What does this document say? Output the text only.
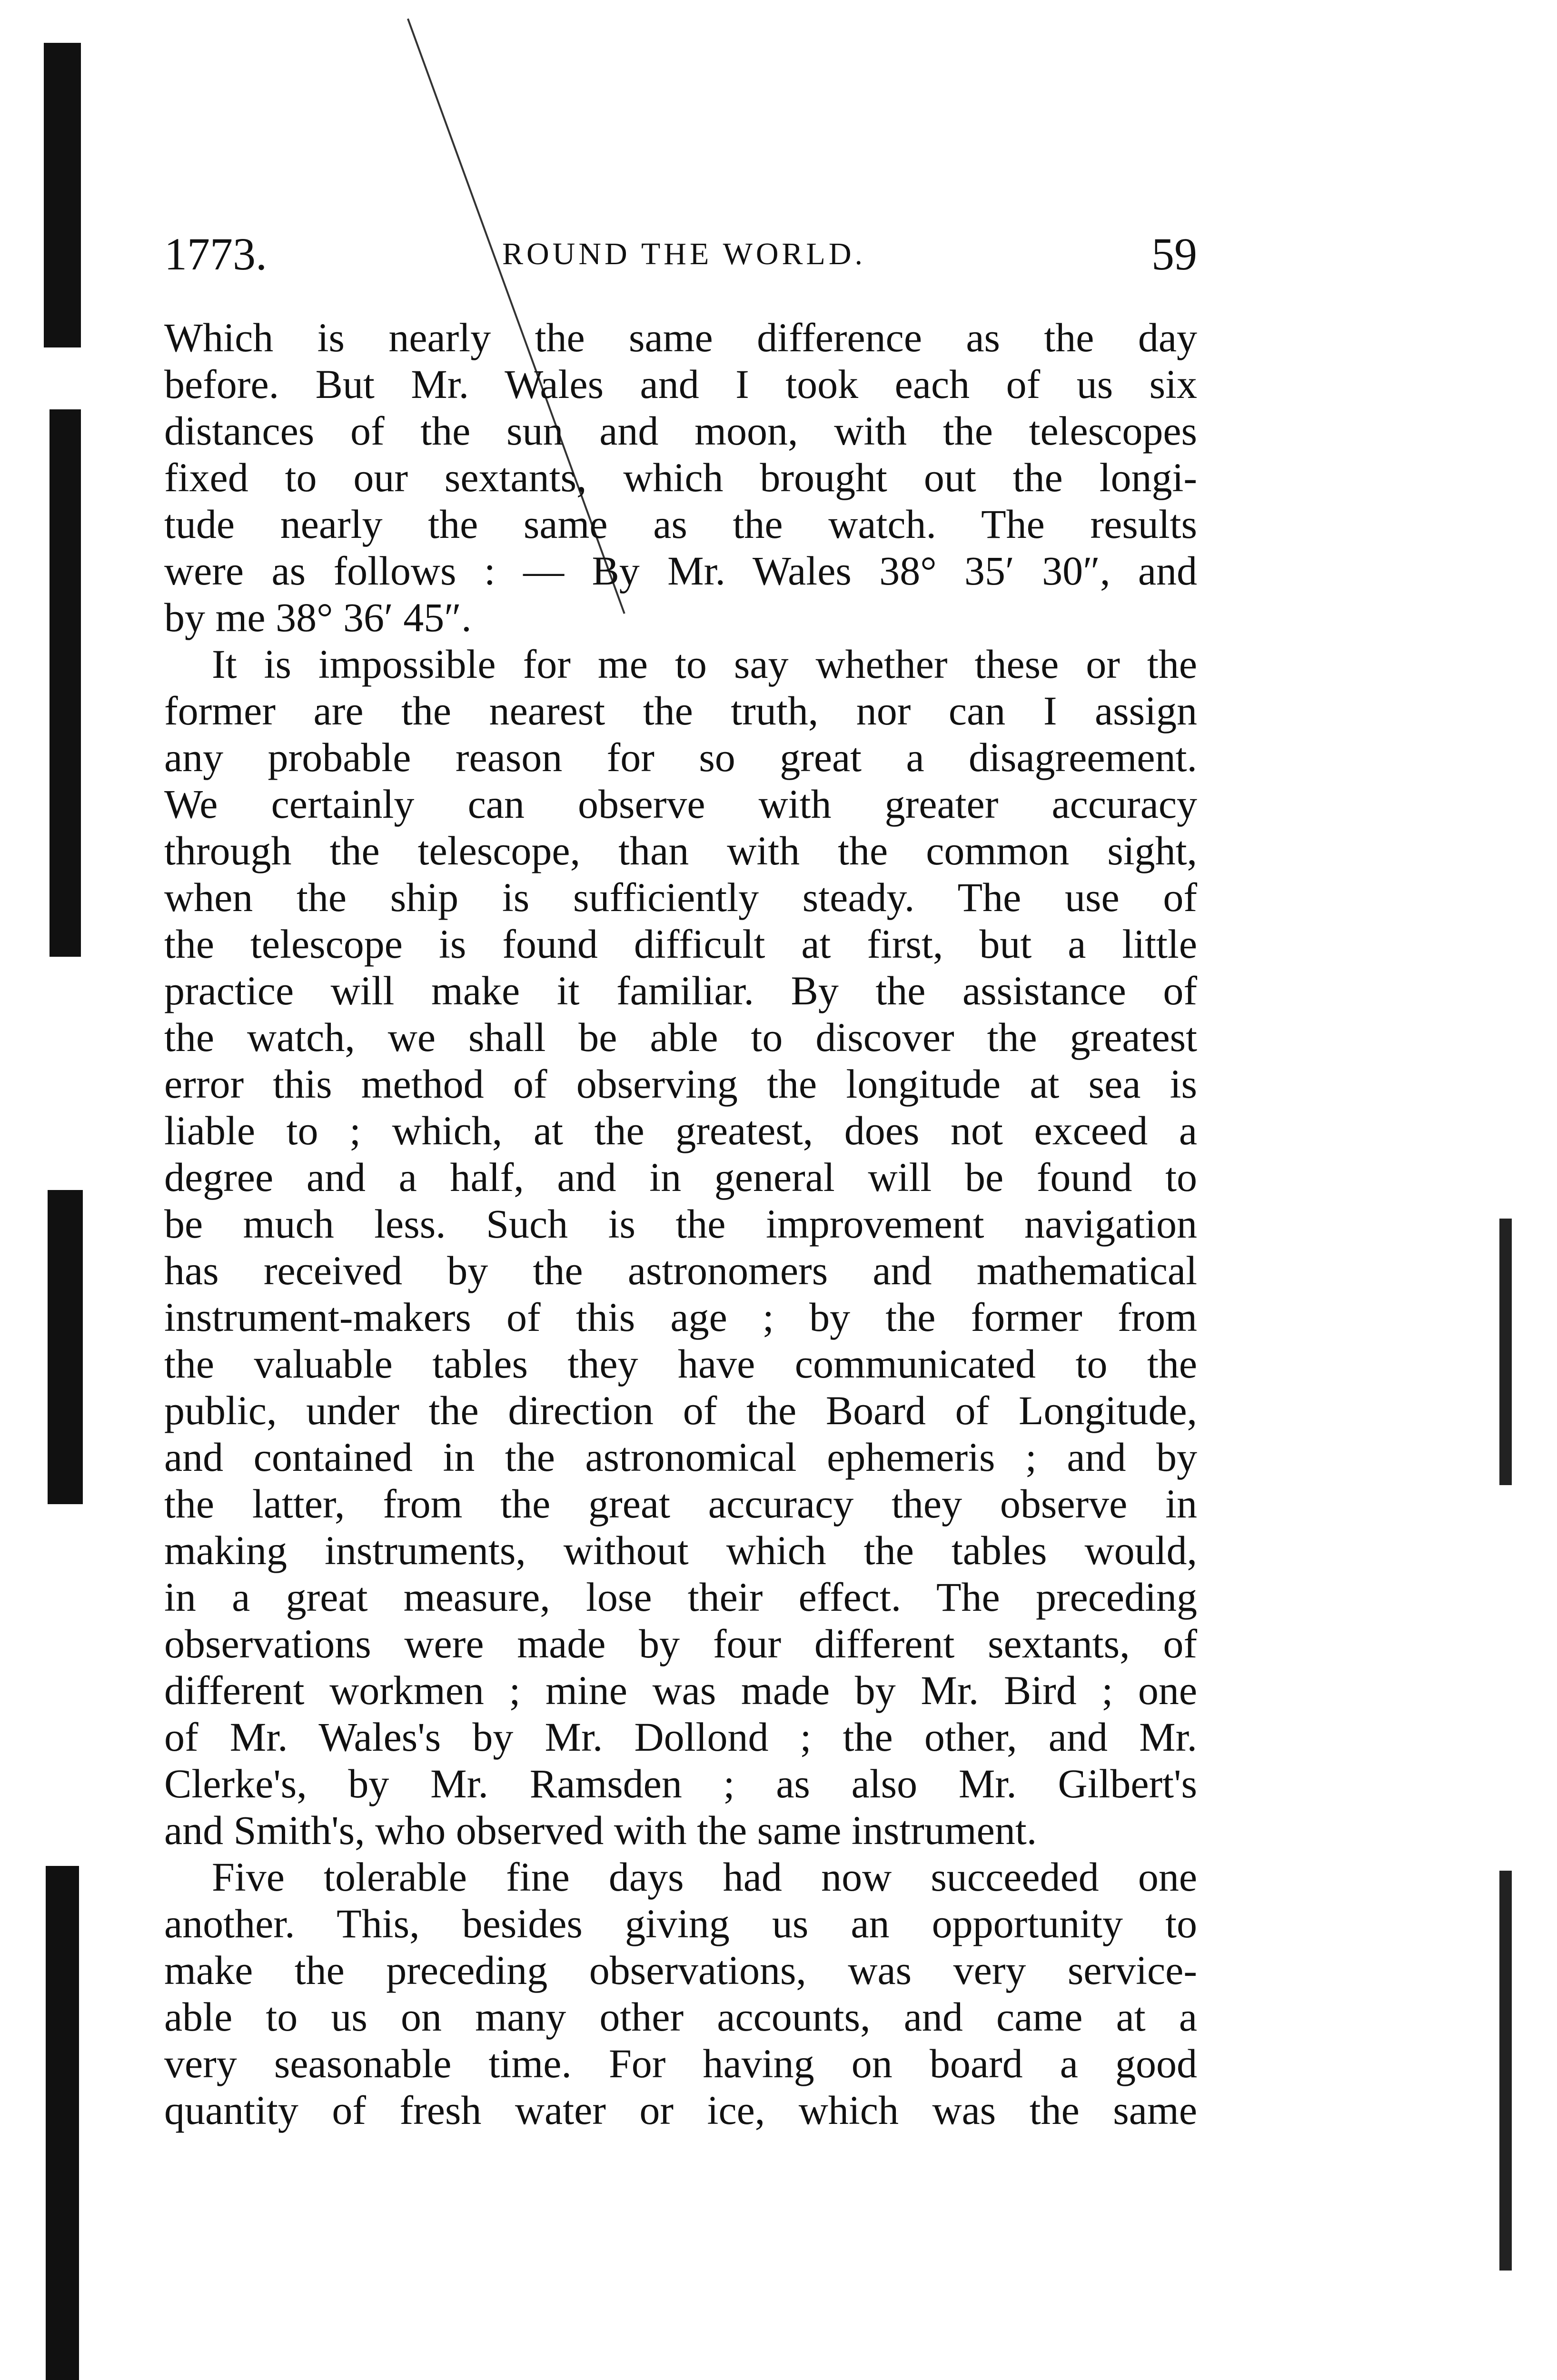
1773.	ROUND THE WORLD.	59
Which is nearly the same difference as the day
before. But Mr. Wales and I took each of us six
distances of the sun and moon, with the telescopes
fixed to our sextants, which brought out the longi-
tude nearly the same as the watch. The results
were as follows : — By Mr. Wales 38° 35′ 30″, and
by me 38° 36′ 45″.
It is impossible for me to say whether these or the
former are the nearest the truth, nor can I assign
any probable reason for so great a disagreement.
We certainly can observe with greater accuracy
through the telescope, than with the common sight,
when the ship is sufficiently steady. The use of
the telescope is found difficult at first, but a little
practice will make it familiar. By the assistance of
the watch, we shall be able to discover the greatest
error this method of observing the longitude at sea is
liable to ; which, at the greatest, does not exceed a
degree and a half, and in general will be found to
be much less. Such is the improvement navigation
has received by the astronomers and mathematical
instrument-makers of this age ; by the former from
the valuable tables they have communicated to the
public, under the direction of the Board of Longitude,
and contained in the astronomical ephemeris ; and by
the latter, from the great accuracy they observe in
making instruments, without which the tables would,
in a great measure, lose their effect. The preceding
observations were made by four different sextants, of
different workmen ; mine was made by Mr. Bird ; one
of Mr. Wales's by Mr. Dollond ; the other, and Mr.
Clerke's, by Mr. Ramsden ; as also Mr. Gilbert's
and Smith's, who observed with the same instrument.
Five tolerable fine days had now succeeded one
another. This, besides giving us an opportunity to
make the preceding observations, was very service-
able to us on many other accounts, and came at a
very seasonable time. For having on board a good
quantity of fresh water or ice, which was the same
